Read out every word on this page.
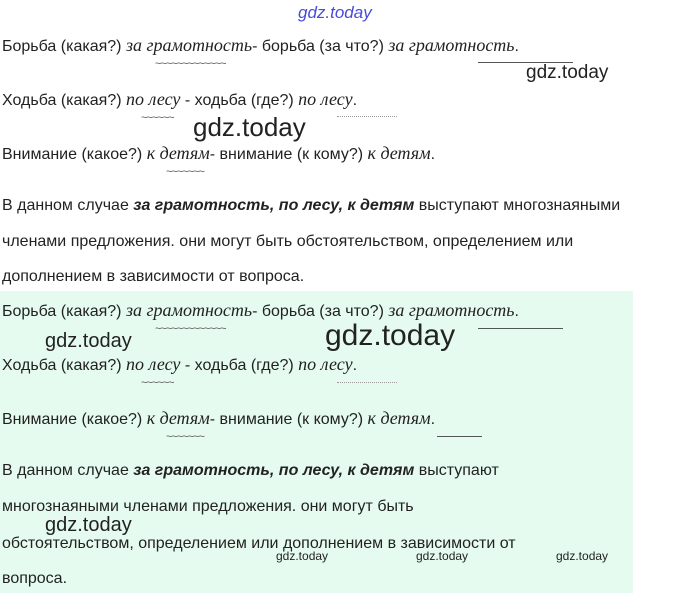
gdz.today
Борьба (какая?) за грамотность- борьба (за что?) за грамотность.
~~~~~~~~~~~~~	gdz.today
Ходьба (какая?) по лесу - ходьба (где?) по лесу.
~~~~~~ gdz.today
Внимание (какое?) к детям- внимание (к кому?) к детям.
~~~~~~~
В данном случае за грамотность, по лесу, к детям выступают многознаяными
членами предложения. они могут быть обстоятельством, определением или
дополнением в зависимости от вопроса.
Борьба (какая?) за грамотность- борьба (за что?) за грамотность.
~~~~~~~~~~~~~
gdz.today	gdz.today
Ходьба (какая?) по лесу - ходьба (где?) по лесу.
~~~~~~
Внимание (какое?) к детям- внимание (к кому?) к детям.
~~~~~~~
В данном случае за грамотность, по лесу, к детям выступают
многознаяными членами предложения. они могут быть
gdz.today
обстоятельством, определением или дополнением в зависимости от
gdz.today	gdz.today	gdz.today
вопроса.
